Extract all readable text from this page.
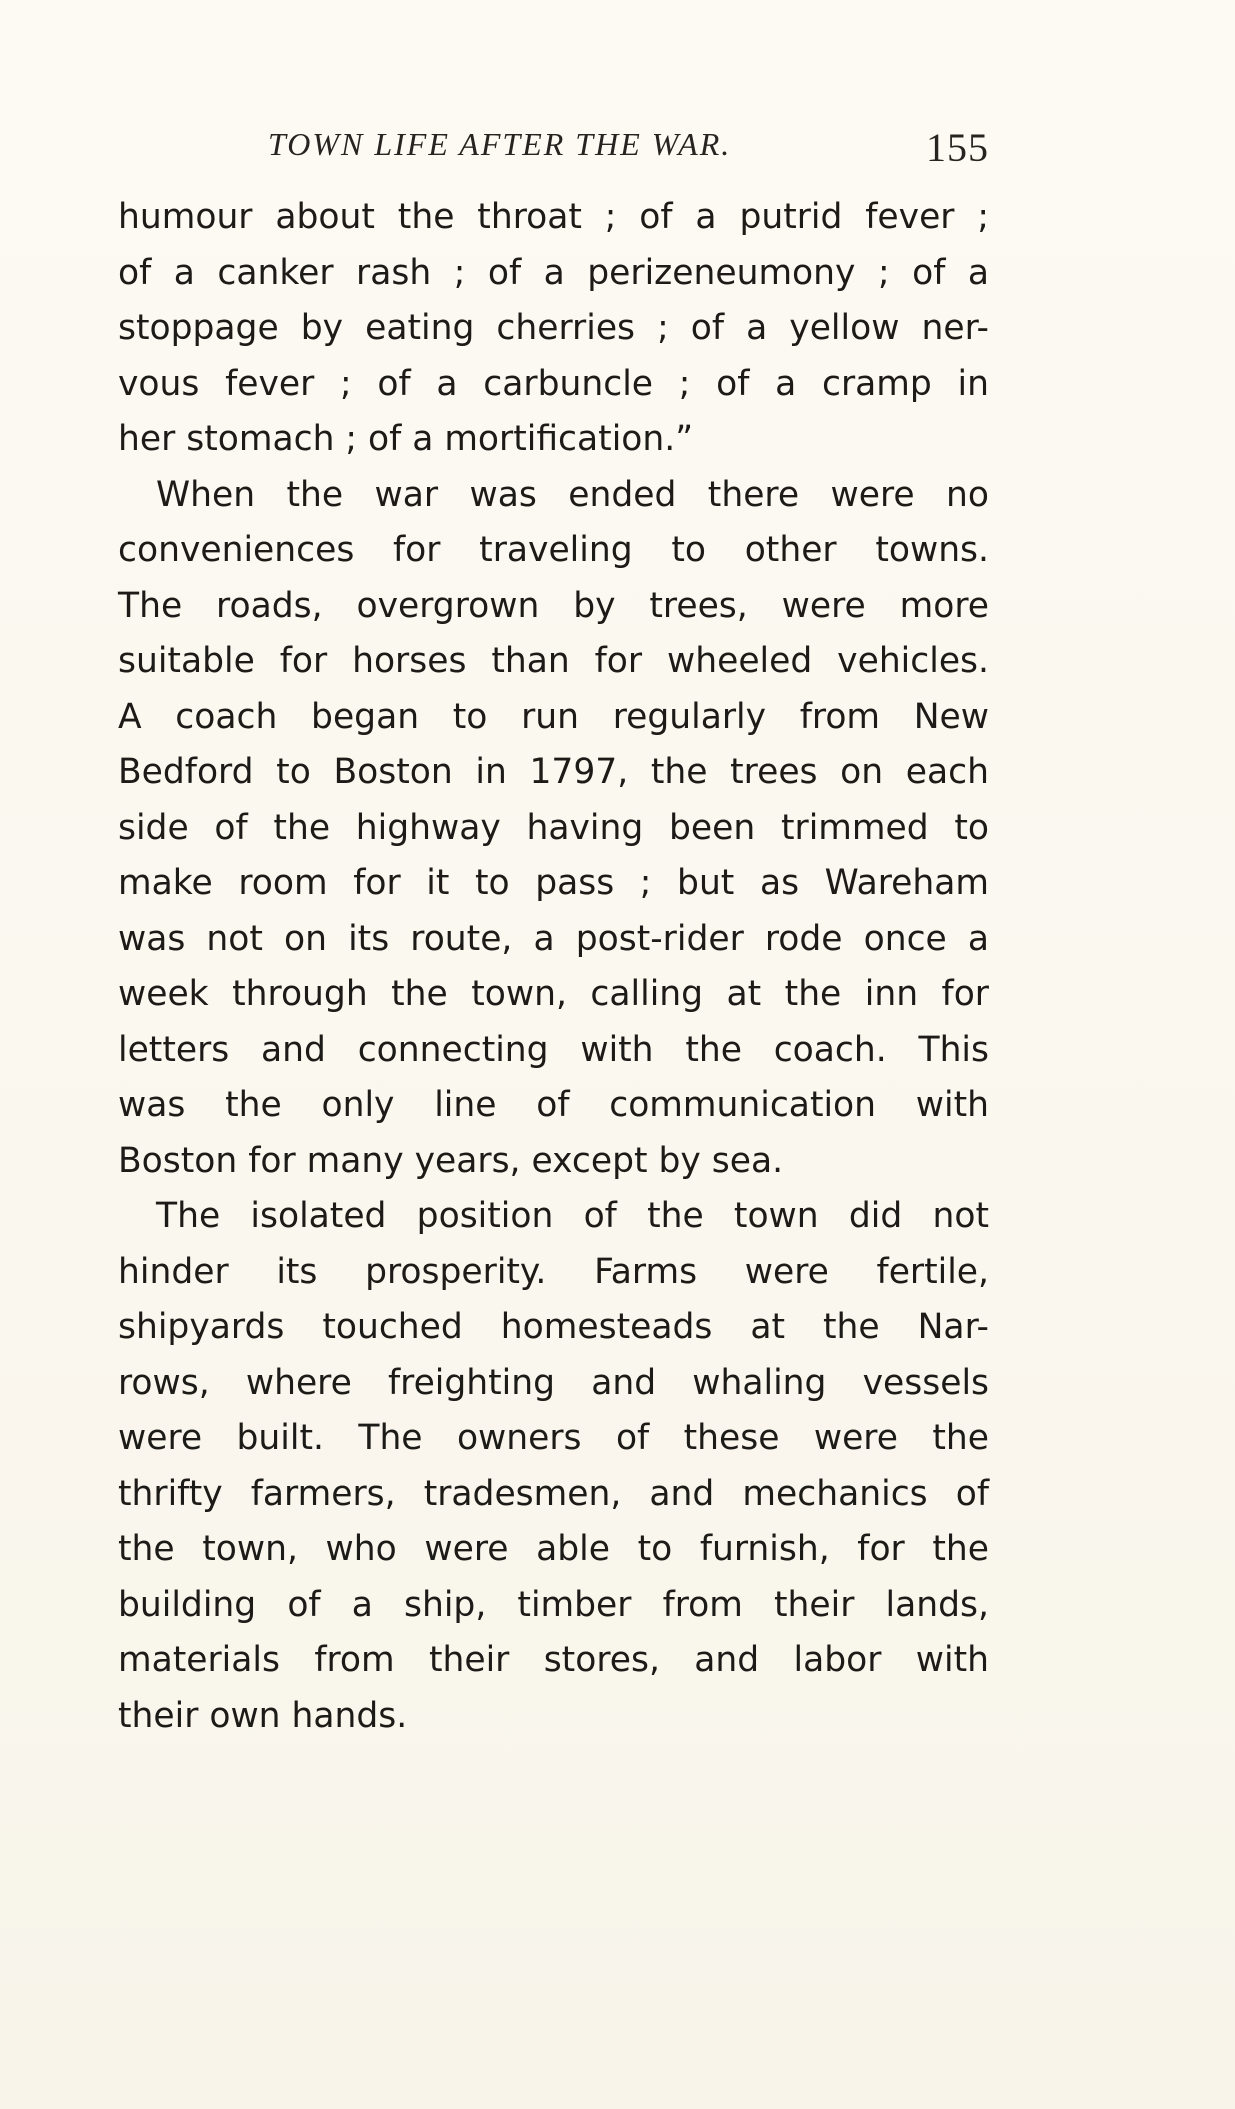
TOWN LIFE AFTER THE WAR.	155
humour about the throat ; of a putrid fever ;
of a canker rash ; of a perizeneumony ; of a
stoppage by eating cherries ; of a yellow ner-
vous fever ; of a carbuncle ; of a cramp in
her stomach ; of a mortification.”
When the war was ended there were no
conveniences for traveling to other towns.
The roads, overgrown by trees, were more
suitable for horses than for wheeled vehicles.
A coach began to run regularly from New
Bedford to Boston in 1797, the trees on each
side of the highway having been trimmed to
make room for it to pass ; but as Wareham
was not on its route, a post-rider rode once a
week through the town, calling at the inn for
letters and connecting with the coach. This
was the only line of communication with
Boston for many years, except by sea.
The isolated position of the town did not
hinder its prosperity. Farms were fertile,
shipyards touched homesteads at the Nar-
rows, where freighting and whaling vessels
were built. The owners of these were the
thrifty farmers, tradesmen, and mechanics of
the town, who were able to furnish, for the
building of a ship, timber from their lands,
materials from their stores, and labor with
their own hands.
